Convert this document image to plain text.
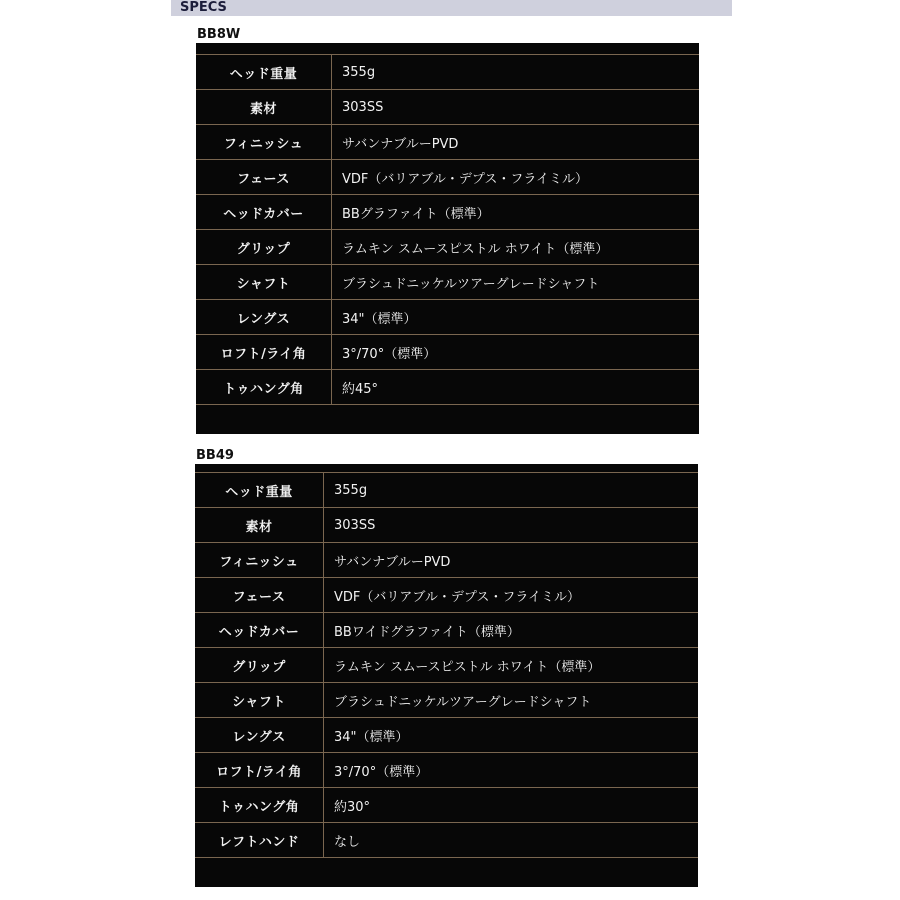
SPECS
BB8W
ヘッド重量	355g
素材	303SS
フィニッシュ	サバンナブルーPVD
フェース	VDF（バリアブル・デプス・フライミル）
ヘッドカバー	BBグラファイト（標準）
グリップ	ラムキン スムースピストル ホワイト（標準）
シャフト	ブラシュドニッケルツアーグレードシャフト
レングス	34"（標準）
ロフト/ライ角	3°/70°（標準）
トゥハング角	約45°
BB49
ヘッド重量	355g
素材	303SS
フィニッシュ	サバンナブルーPVD
フェース	VDF（バリアブル・デプス・フライミル）
ヘッドカバー	BBワイドグラファイト（標準）
グリップ	ラムキン スムースピストル ホワイト（標準）
シャフト	ブラシュドニッケルツアーグレードシャフト
レングス	34"（標準）
ロフト/ライ角	3°/70°（標準）
トゥハング角	約30°
レフトハンド	なし
